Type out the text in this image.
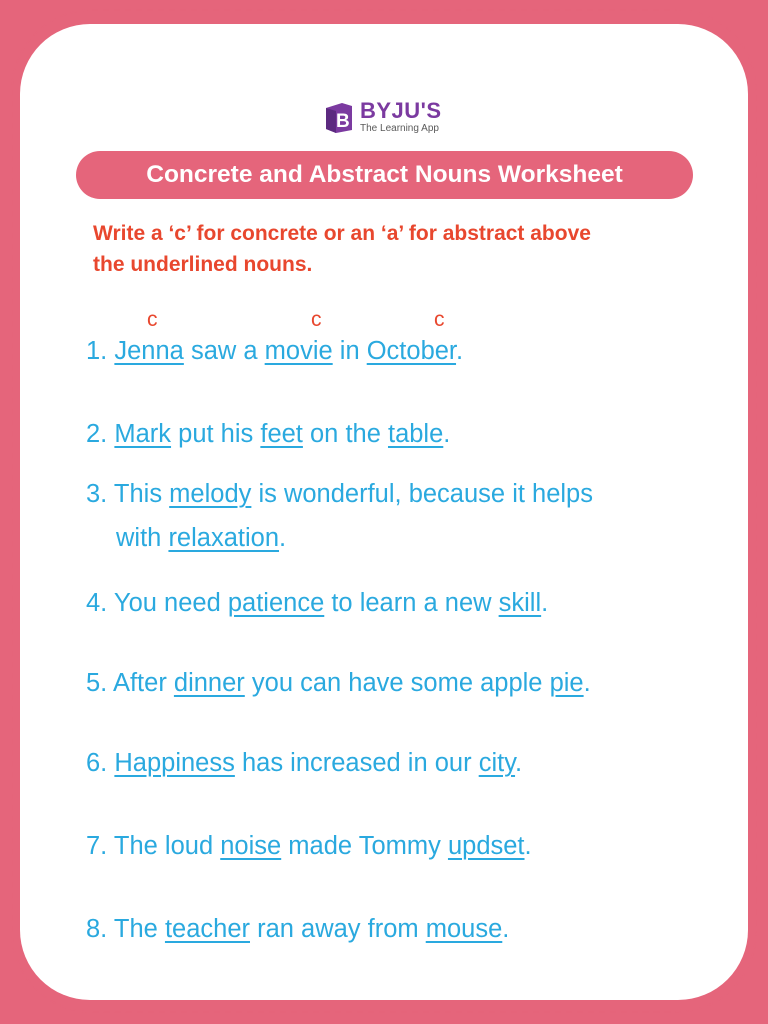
B BYJU'S
The Learning App
Concrete and Abstract Nouns Worksheet
Write a ‘c’ for concrete or an ‘a’ for abstract above
the underlined nouns.
c	c	c
1. Jenna saw a movie in October.
2. Mark put his feet on the table.
3. This melody is wonderful, because it helps
with relaxation.
4. You need patience to learn a new skill.
5. After dinner you can have some apple pie.
6. Happiness has increased in our city.
7. The loud noise made Tommy updset.
8. The teacher ran away from mouse.
